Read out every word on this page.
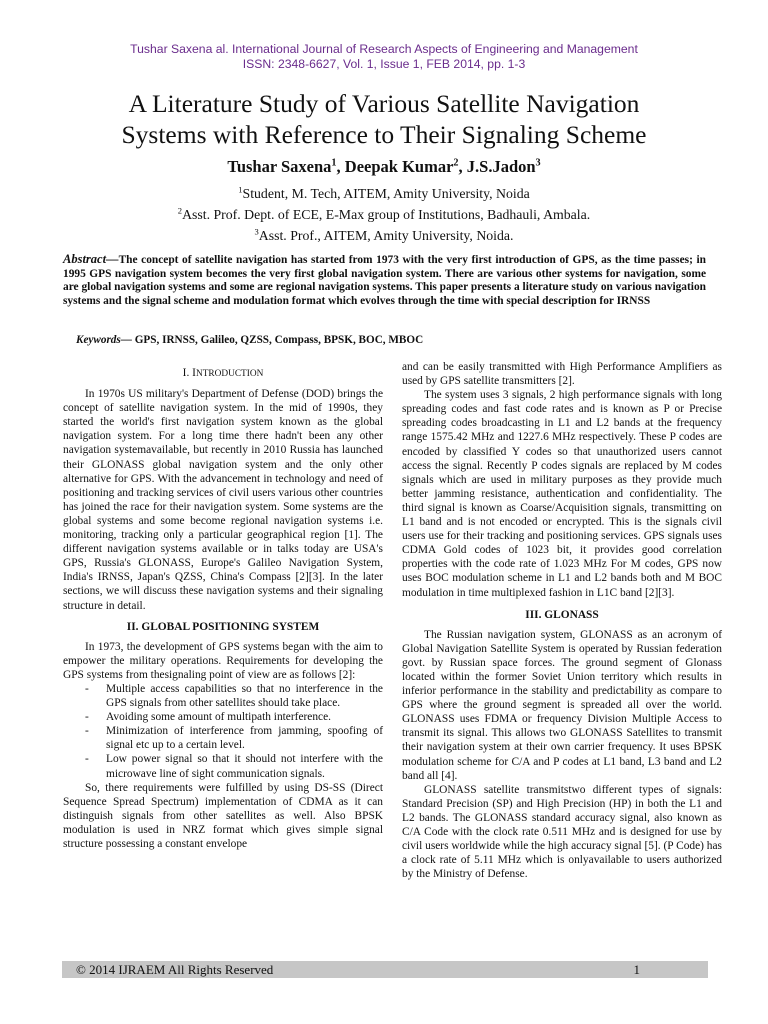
Tushar Saxena al. International Journal of Research Aspects of Engineering and Management
ISSN: 2348-6627, Vol. 1, Issue 1, FEB 2014, pp. 1-3
A Literature Study of Various Satellite Navigation
Systems with Reference to Their Signaling Scheme
Tushar Saxena$^1$, Deepak Kumar$^2$, J.S.Jadon$^3$
$^1$Student, M. Tech, AITEM, Amity University, Noida
$^2$Asst. Prof. Dept. of ECE, E-Max group of Institutions, Badhauli, Ambala.
$^3$Asst. Prof., AITEM, Amity University, Noida.
Abstract—The concept of satellite navigation has started from 1973 with the very first introduction of GPS, as the time passes; in 1995 GPS navigation system becomes the very first global navigation system. There are various other systems for navigation, some are global navigation systems and some are regional navigation systems. This paper presents a literature study on various navigation systems and the signal scheme and modulation format which evolves through the time with special description for IRNSS
Keywords— GPS, IRNSS, Galileo, QZSS, Compass, BPSK, BOC, MBOC
I. INTRODUCTION

In 1970s US military's Department of Defense (DOD) brings the concept of satellite navigation system. In the mid of 1990s, they started the world's first navigation system known as the global navigation system. For a long time there hadn't been any other navigation systemavailable, but recently in 2010 Russia has launched their GLONASS global navigation system and the only other alternative for GPS. With the advancement in technology and need of positioning and tracking services of civil users various other countries has joined the race for their navigation system. Some systems are the global systems and some become regional navigation systems i.e. monitoring, tracking only a particular geographical region [1]. The different navigation systems available or in talks today are USA's GPS, Russia's GLONASS, Europe's Galileo Navigation System, India's IRNSS, Japan's QZSS, China's Compass [2][3]. In the later sections, we will discuss these navigation systems and their signaling structure in detail.

II. GLOBAL POSITIONING SYSTEM

In 1973, the development of GPS systems began with the aim to empower the military operations. Requirements for developing the GPS systems from thesignaling point of view are as follows [2]:

- Multiple access capabilities so that no interference in the GPS signals from other satellites should take place.
- Avoiding some amount of multipath interference.
- Minimization of interference from jamming, spoofing of signal etc up to a certain level.
- Low power signal so that it should not interfere with the microwave line of sight communication signals.

So, there requirements were fulfilled by using DS-SS (Direct Sequence Spread Spectrum) implementation of CDMA as it can distinguish signals from other satellites as well. Also BPSK modulation is used in NRZ format which gives simple signal structure possessing a constant envelope

and can be easily transmitted with High Performance Amplifiers as used by GPS satellite transmitters [2].

The system uses 3 signals, 2 high performance signals with long spreading codes and fast code rates and is known as P or Precise spreading codes broadcasting in L1 and L2 bands at the frequency range 1575.42 MHz and 1227.6 MHz respectively. These P codes are encoded by classified Y codes so that unauthorized users cannot access the signal. Recently P codes signals are replaced by M codes signals which are used in military purposes as they provide much better jamming resistance, authentication and confidentiality. The third signal is known as Coarse/Acquisition signals, transmitting on L1 band and is not encoded or encrypted. This is the signals civil users use for their tracking and positioning services. GPS signals uses CDMA Gold codes of 1023 bit, it provides good correlation properties with the code rate of 1.023 MHz For M codes, GPS now uses BOC modulation scheme in L1 and L2 bands both and M BOC modulation in time multiplexed fashion in L1C band [2][3].

III. GLONASS

The Russian navigation system, GLONASS as an acronym of Global Navigation Satellite System is operated by Russian federation govt. by Russian space forces. The ground segment of Glonass located within the former Soviet Union territory which results in inferior performance in the stability and predictability as compare to GPS where the ground segment is spreaded all over the world. GLONASS uses FDMA or frequency Division Multiple Access to transmit its signal. This allows two GLONASS Satellites to transmit their navigation system at their own carrier frequency. It uses BPSK modulation scheme for C/A and P codes at L1 band, L3 band and L2 band all [4].

GLONASS satellite transmitstwo different types of signals: Standard Precision (SP) and High Precision (HP) in both the L1 and L2 bands. The GLONASS standard accuracy signal, also known as C/A Code with the clock rate 0.511 MHz and is designed for use by civil users worldwide while the high accuracy signal [5]. (P Code) has a clock rate of 5.11 MHz which is onlyavailable to users authorized by the Ministry of Defense.

© 2014 IJRAEM All Rights Reserved	1
